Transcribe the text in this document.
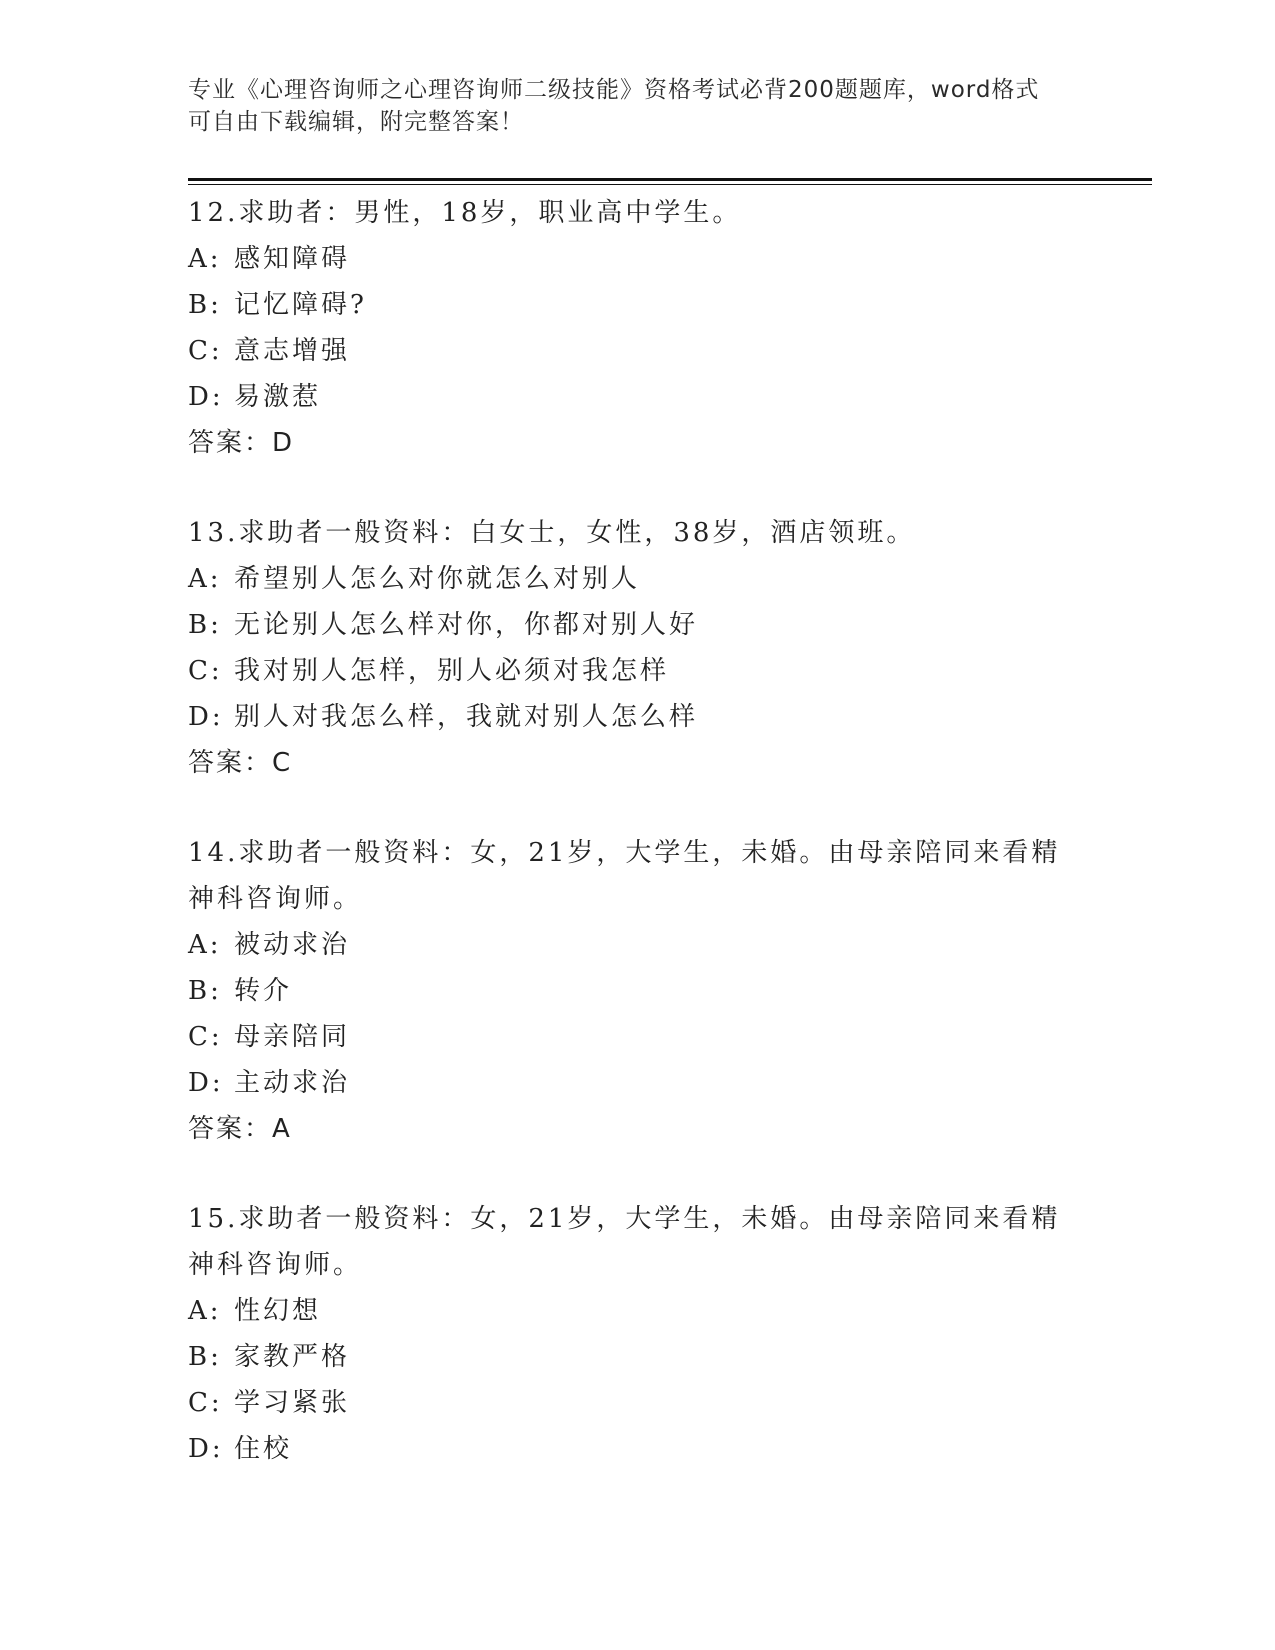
专业《心理咨询师之心理咨询师二级技能》资格考试必背200题题库，word格式
可自由下载编辑，附完整答案！
12.求助者：男性，18岁，职业高中学生。
A: 感知障碍
B: 记忆障碍?
C: 意志增强
D: 易激惹
答案：D
13.求助者一般资料：白女士，女性，38岁，酒店领班。
A: 希望别人怎么对你就怎么对别人
B: 无论别人怎么样对你，你都对别人好
C: 我对别人怎样，别人必须对我怎样
D: 别人对我怎么样，我就对别人怎么样
答案：C
14.求助者一般资料：女，21岁，大学生，未婚。由母亲陪同来看精神科咨询师。
A: 被动求治
B: 转介
C: 母亲陪同
D: 主动求治
答案：A
15.求助者一般资料：女，21岁，大学生，未婚。由母亲陪同来看精神科咨询师。
A: 性幻想
B: 家教严格
C: 学习紧张
D: 住校
